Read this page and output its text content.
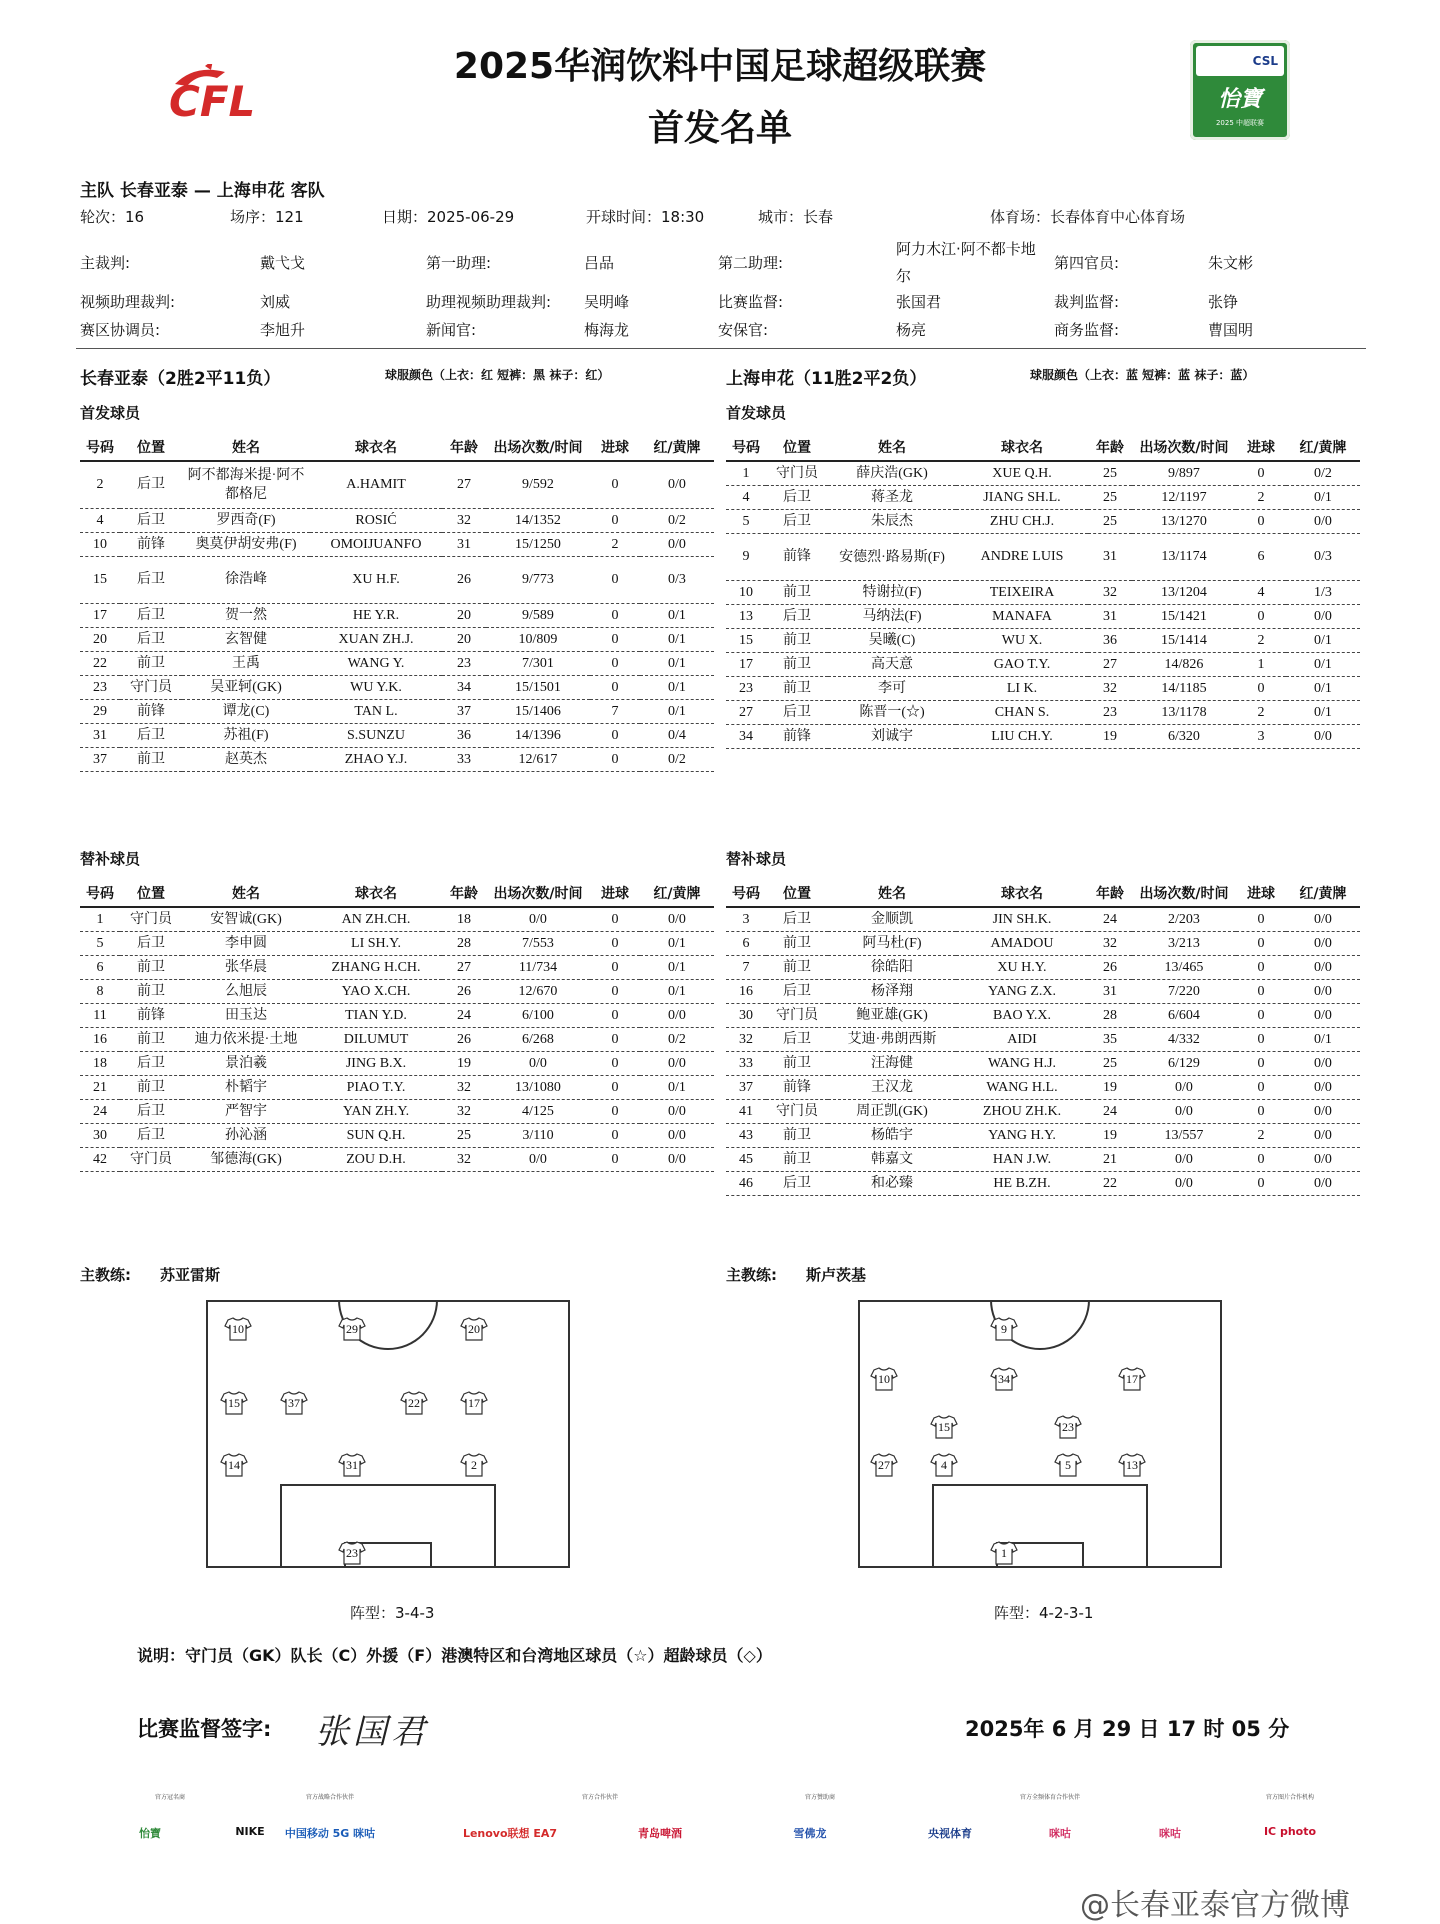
2025华润饮料中国足球超级联赛
首发名单
CFL
CSL
怡寶
2025 中超联赛
主队 长春亚泰 — 上海申花 客队
轮次：16	场序：121	日期：2025-06-29	开球时间：18:30	城市：长春	体育场：长春体育中心体育场
主裁判:	戴弋戈	第一助理:	吕品	第二助理:
阿力木江·阿不都卡地
尔
第四官员:	朱文彬
视频助理裁判:	刘威	助理视频助理裁判: 吴明峰	比赛监督:	张国君	裁判监督:	张铮
赛区协调员:	李旭升	新闻官:	梅海龙	安保官:	杨亮	商务监督:	曹国明
长春亚泰（2胜2平11负）	球服颜色（上衣：红 短裤：黑 袜子：红）	上海申花（11胜2平2负）	球服颜色（上衣：蓝 短裤：蓝 袜子：蓝）
首发球员	首发球员
号码	位置	姓名	球衣名	年龄	出场次数/时间	进球	红/黄牌
2	后卫	阿不都海米提·阿不都格尼	A.HAMIT	27	9/592	0	0/0
4	后卫	罗西奇(F)	ROSIĆ	32	14/1352	0	0/2
10	前锋	奥莫伊胡安弗(F)	OMOIJUANFO	31	15/1250	2	0/0
15	后卫	徐浩峰	XU H.F.	26	9/773	0	0/3
17	后卫	贺一然	HE Y.R.	20	9/589	0	0/1
20	后卫	玄智健	XUAN ZH.J.	20	10/809	0	0/1
22	前卫	王禹	WANG Y.	23	7/301	0	0/1
23	守门员	吴亚轲(GK)	WU Y.K.	34	15/1501	0	0/1
29	前锋	谭龙(C)	TAN L.	37	15/1406	7	0/1
31	后卫	苏祖(F)	S.SUNZU	36	14/1396	0	0/4
37	前卫	赵英杰	ZHAO Y.J.	33	12/617	0	0/2
号码	位置	姓名	球衣名	年龄	出场次数/时间	进球	红/黄牌
1	守门员	薛庆浩(GK)	XUE Q.H.	25	9/897	0	0/2
4	后卫	蒋圣龙	JIANG SH.L.	25	12/1197	2	0/1
5	后卫	朱辰杰	ZHU CH.J.	25	13/1270	0	0/0
9	前锋	安德烈·路易斯(F)	ANDRE LUIS	31	13/1174	6	0/3
10	前卫	特谢拉(F)	TEIXEIRA	32	13/1204	4	1/3
13	后卫	马纳法(F)	MANAFA	31	15/1421	0	0/0
15	前卫	吴曦(C)	WU X.	36	15/1414	2	0/1
17	前卫	高天意	GAO T.Y.	27	14/826	1	0/1
23	前卫	李可	LI K.	32	14/1185	0	0/1
27	后卫	陈晋一(☆)	CHAN S.	23	13/1178	2	0/1
34	前锋	刘诚宇	LIU CH.Y.	19	6/320	3	0/0
替补球员	替补球员
号码	位置	姓名	球衣名	年龄	出场次数/时间	进球	红/黄牌
1	守门员	安智诚(GK)	AN ZH.CH.	18	0/0	0	0/0
5	后卫	李申圆	LI SH.Y.	28	7/553	0	0/1
6	前卫	张华晨	ZHANG H.CH.	27	11/734	0	0/1
8	前卫	么旭辰	YAO X.CH.	26	12/670	0	0/1
11	前锋	田玉达	TIAN Y.D.	24	6/100	0	0/0
16	前卫	迪力依米提·土地	DILUMUT	26	6/268	0	0/2
18	后卫	景泊羲	JING B.X.	19	0/0	0	0/0
21	前卫	朴韬宇	PIAO T.Y.	32	13/1080	0	0/1
24	后卫	严智宇	YAN ZH.Y.	32	4/125	0	0/0
30	后卫	孙沁涵	SUN Q.H.	25	3/110	0	0/0
42	守门员	邹德海(GK)	ZOU D.H.	32	0/0	0	0/0
号码	位置	姓名	球衣名	年龄	出场次数/时间	进球	红/黄牌
3	后卫	金顺凯	JIN SH.K.	24	2/203	0	0/0
6	前卫	阿马杜(F)	AMADOU	32	3/213	0	0/0
7	前卫	徐皓阳	XU H.Y.	26	13/465	0	0/0
16	后卫	杨泽翔	YANG Z.X.	31	7/220	0	0/0
30	守门员	鲍亚雄(GK)	BAO Y.X.	28	6/604	0	0/0
32	后卫	艾迪·弗朗西斯	AIDI	35	4/332	0	0/1
33	前卫	汪海健	WANG H.J.	25	6/129	0	0/0
37	前锋	王汉龙	WANG H.L.	19	0/0	0	0/0
41	守门员	周正凯(GK)	ZHOU ZH.K.	24	0/0	0	0/0
43	前卫	杨皓宇	YANG H.Y.	19	13/557	2	0/0
45	前卫	韩嘉文	HAN J.W.	21	0/0	0	0/0
46	后卫	和必臻	HE B.ZH.	22	0/0	0	0/0
主教练: 苏亚雷斯	主教练: 斯卢茨基
10	29	20
15	37	22	17
14	31	2
23
9
10	34	17
15	23
27	4	5	13
1
阵型：3-4-3	阵型：4-2-3-1
说明：守门员（GK）队长（C）外援（F）港澳特区和台湾地区球员（☆）超龄球员（◇）
比赛监督签字: 张国君	2025年 6 月 29 日 17 时 05 分
官方冠名商	官方战略合作伙伴	官方合作伙伴	官方赞助商	官方全频体育合作伙伴	官方图片合作机构
怡寶	NIKE	中国移动 5G 咪咕	Lenovo联想 EA7	青岛啤酒	雪佛龙	央视体育	咪咕	咪咕	IC photo
@长春亚泰官方微博
